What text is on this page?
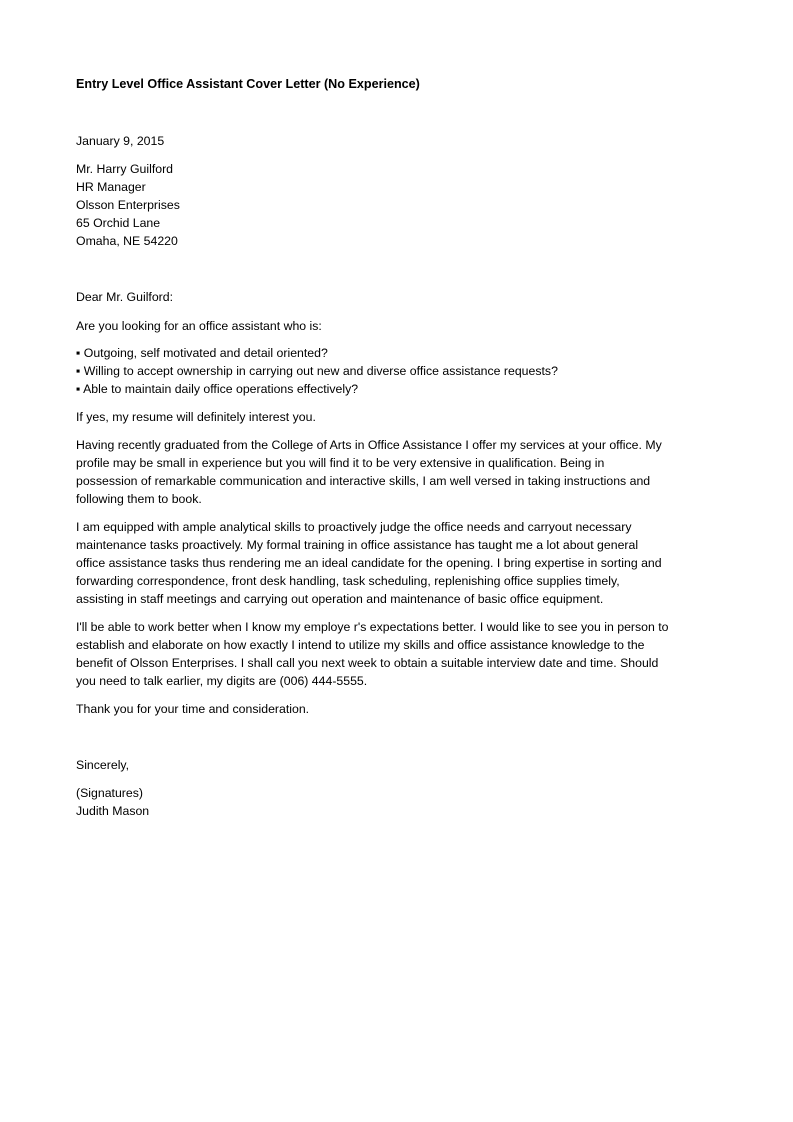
Entry Level Office Assistant Cover Letter (No Experience)
January 9, 2015
Mr. Harry Guilford
HR Manager
Olsson Enterprises
65 Orchid Lane
Omaha, NE 54220
Dear Mr. Guilford:
Are you looking for an office assistant who is:
▪ Outgoing, self motivated and detail oriented?
▪ Willing to accept ownership in carrying out new and diverse office assistance requests?
▪ Able to maintain daily office operations effectively?
If yes, my resume will definitely interest you.
Having recently graduated from the College of Arts in Office Assistance I offer my services at your office. My
profile may be small in experience but you will find it to be very extensive in qualification. Being in
possession of remarkable communication and interactive skills, I am well versed in taking instructions and
following them to book.
I am equipped with ample analytical skills to proactively judge the office needs and carryout necessary
maintenance tasks proactively. My formal training in office assistance has taught me a lot about general
office assistance tasks thus rendering me an ideal candidate for the opening. I bring expertise in sorting and
forwarding correspondence, front desk handling, task scheduling, replenishing office supplies timely,
assisting in staff meetings and carrying out operation and maintenance of basic office equipment.
I'll be able to work better when I know my employe r's expectations better. I would like to see you in person to
establish and elaborate on how exactly I intend to utilize my skills and office assistance knowledge to the
benefit of Olsson Enterprises. I shall call you next week to obtain a suitable interview date and time. Should
you need to talk earlier, my digits are (006) 444-5555.
Thank you for your time and consideration.
Sincerely,
(Signatures)
Judith Mason
